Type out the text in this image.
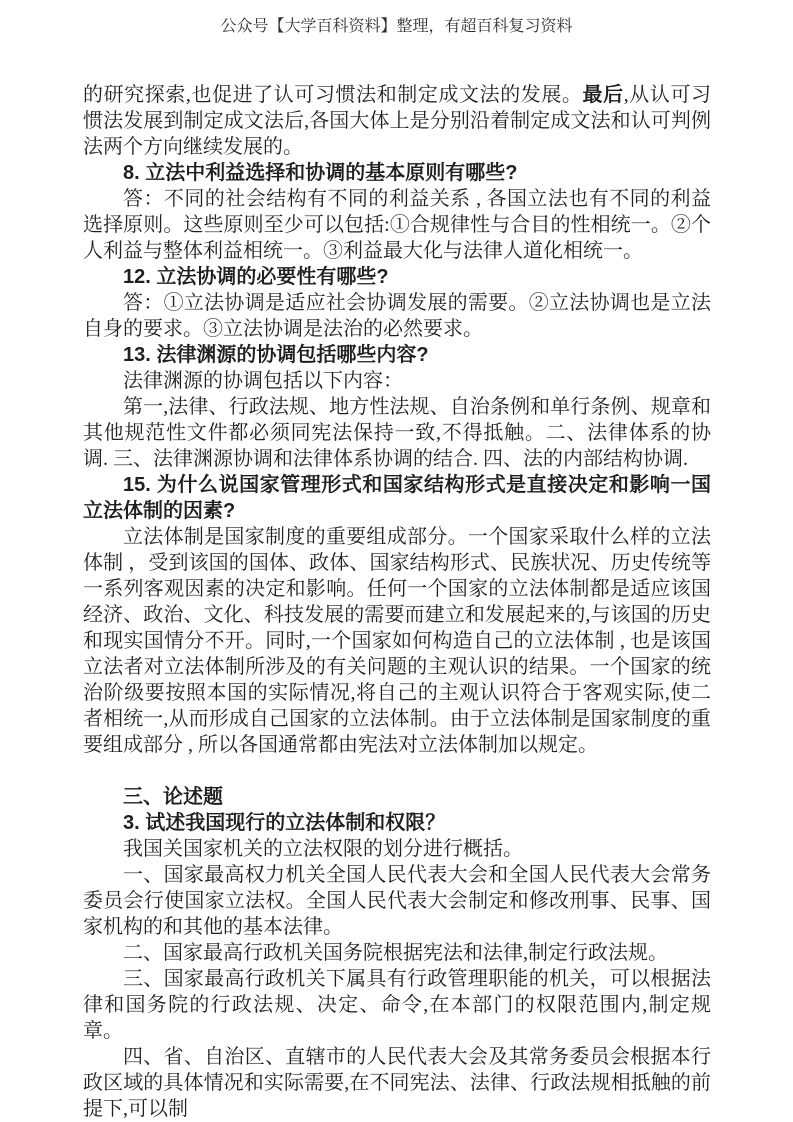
公众号【大学百科资料】整理，有超百科复习资料

的研究探索,也促进了认可习惯法和制定成文法的发展。最后,从认可习惯法发展到制定成文法后,各国大体上是分别沿着制定成文法和认可判例法两个方向继续发展的。

8. 立法中利益选择和协调的基本原则有哪些?

答：不同的社会结构有不同的利益关系 , 各国立法也有不同的利益选择原则。这些原则至少可以包括:①合规律性与合目的性相统一。②个人利益与整体利益相统一。③利益最大化与法律人道化相统一。

12. 立法协调的必要性有哪些?

答：①立法协调是适应社会协调发展的需要。②立法协调也是立法自身的要求。③立法协调是法治的必然要求。

13. 法律渊源的协调包括哪些内容?

法律渊源的协调包括以下内容：

第一,法律、行政法规、地方性法规、自治条例和单行条例、规章和其他规范性文件都必须同宪法保持一致,不得抵触。二、法律体系的协调. 三、法律渊源协调和法律体系协调的结合. 四、法的内部结构协调.

15. 为什么说国家管理形式和国家结构形式是直接决定和影响一国立法体制的因素?

立法体制是国家制度的重要组成部分。一个国家采取什么样的立法体制 ，受到该国的国体、政体、国家结构形式、民族状况、历史传统等一系列客观因素的决定和影响。任何一个国家的立法体制都是适应该国经济、政治、文化、科技发展的需要而建立和发展起来的,与该国的历史和现实国情分不开。同时,一个国家如何构造自己的立法体制 , 也是该国立法者对立法体制所涉及的有关问题的主观认识的结果。一个国家的统治阶级要按照本国的实际情况,将自己的主观认识符合于客观实际,使二者相统一,从而形成自己国家的立法体制。由于立法体制是国家制度的重要组成部分 , 所以各国通常都由宪法对立法体制加以规定。

三、论述题

3. 试述我国现行的立法体制和权限？

我国关国家机关的立法权限的划分进行概括。

一、国家最高权力机关全国人民代表大会和全国人民代表大会常务委员会行使国家立法权。全国人民代表大会制定和修改刑事、民事、国家机构的和其他的基本法律。

二、国家最高行政机关国务院根据宪法和法律,制定行政法规。

三、国家最高行政机关下属具有行政管理职能的机关，可以根据法律和国务院的行政法规、决定、命令,在本部门的权限范围内,制定规章。

四、省、自治区、直辖市的人民代表大会及其常务委员会根据本行政区域的具体情况和实际需要,在不同宪法、法律、行政法规相抵触的前提下,可以制
